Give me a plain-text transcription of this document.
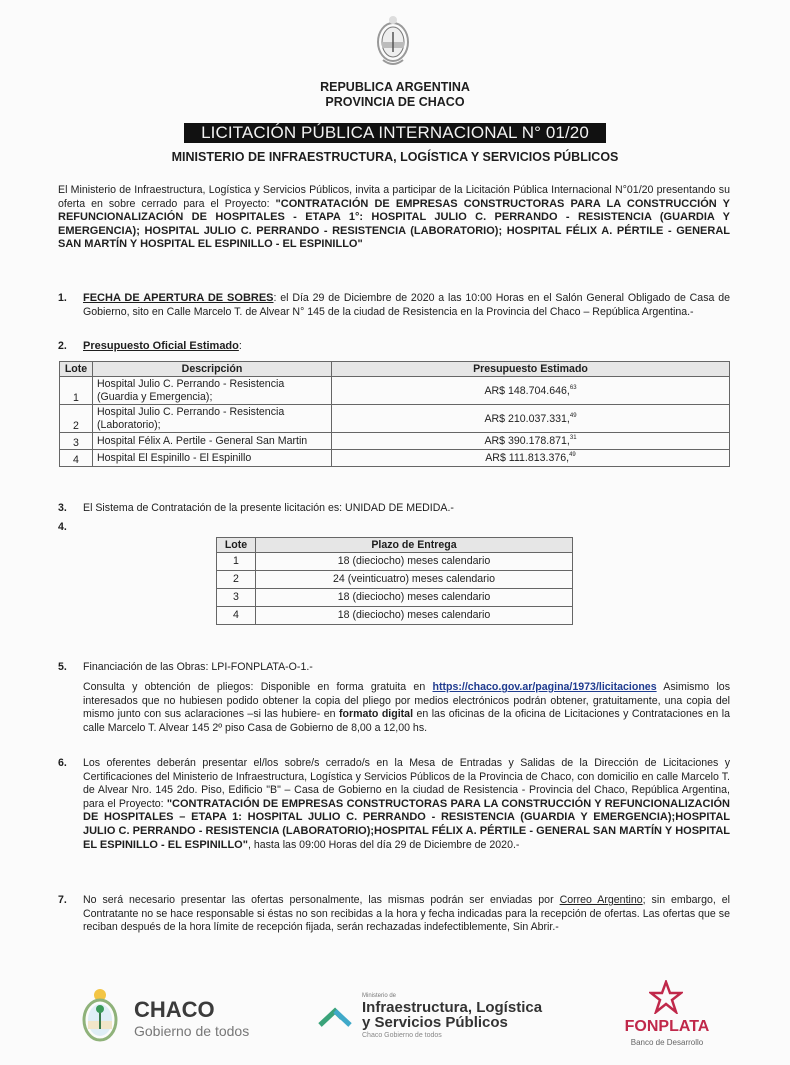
REPUBLICA ARGENTINA
PROVINCIA DE CHACO
LICITACIÓN PÚBLICA INTERNACIONAL N° 01/20
MINISTERIO DE INFRAESTRUCTURA, LOGÍSTICA Y SERVICIOS PÚBLICOS
El Ministerio de Infraestructura, Logística y Servicios Públicos, invita a participar de la Licitación Pública Internacional N°01/20 presentando su oferta en sobre cerrado para el Proyecto: "CONTRATACIÓN DE EMPRESAS CONSTRUCTORAS PARA LA CONSTRUCCIÓN Y REFUNCIONALIZACIÓN DE HOSPITALES - ETAPA 1°: HOSPITAL JULIO C. PERRANDO - RESISTENCIA (GUARDIA Y EMERGENCIA); HOSPITAL JULIO C. PERRANDO - RESISTENCIA (LABORATORIO); HOSPITAL FÉLIX A. PÉRTILE - GENERAL SAN MARTÍN Y HOSPITAL EL ESPINILLO - EL ESPINILLO"
1. FECHA DE APERTURA DE SOBRES: el Día 29 de Diciembre de 2020 a las 10:00 Horas en el Salón General Obligado de Casa de Gobierno, sito en Calle Marcelo T. de Alvear N° 145 de la ciudad de Resistencia en la Provincia del Chaco – República Argentina.-
2. Presupuesto Oficial Estimado:
Lote	Descripción	Presupuesto Estimado
1	Hospital Julio C. Perrando - Resistencia (Guardia y Emergencia);	AR$ 148.704.646,63
2	Hospital Julio C. Perrando - Resistencia (Laboratorio);	AR$ 210.037.331,49
3	Hospital Félix A. Pertile - General San Martin	AR$ 390.178.871,31
4	Hospital El Espinillo - El Espinillo	AR$ 111.813.376,49
3. El Sistema de Contratación de la presente licitación es: UNIDAD DE MEDIDA.-
4.
Lote	Plazo de Entrega
1	18 (dieciocho) meses calendario
2	24 (veinticuatro) meses calendario
3	18 (dieciocho) meses calendario
4	18 (dieciocho) meses calendario
5. Financiación de las Obras: LPI-FONPLATA-O-1.-
Consulta y obtención de pliegos: Disponible en forma gratuita en https://chaco.gov.ar/pagina/1973/licitaciones Asimismo los interesados que no hubiesen podido obtener la copia del pliego por medios electrónicos podrán obtener, gratuitamente, una copia del mismo junto con sus aclaraciones –si las hubiere- en formato digital en las oficinas de la oficina de Licitaciones y Contrataciones en la calle Marcelo T. Alvear 145 2º piso Casa de Gobierno de 8,00 a 12,00 hs.
6. Los oferentes deberán presentar el/los sobre/s cerrado/s en la Mesa de Entradas y Salidas de la Dirección de Licitaciones y Certificaciones del Ministerio de Infraestructura, Logística y Servicios Públicos de la Provincia de Chaco, con domicilio en calle Marcelo T. de Alvear Nro. 145 2do. Piso, Edificio "B" – Casa de Gobierno en la ciudad de Resistencia - Provincia del Chaco, República Argentina, para el Proyecto: "CONTRATACIÓN DE EMPRESAS CONSTRUCTORAS PARA LA CONSTRUCCIÓN Y REFUNCIONALIZACIÓN DE HOSPITALES – ETAPA 1: HOSPITAL JULIO C. PERRANDO - RESISTENCIA (GUARDIA Y EMERGENCIA);HOSPITAL JULIO C. PERRANDO - RESISTENCIA (LABORATORIO);HOSPITAL FÉLIX A. PÉRTILE - GENERAL SAN MARTÍN Y HOSPITAL EL ESPINILLO - EL ESPINILLO", hasta las 09:00 Horas del día 29 de Diciembre de 2020.-
7. No será necesario presentar las ofertas personalmente, las mismas podrán ser enviadas por Correo Argentino; sin embargo, el Contratante no se hace responsable si éstas no son recibidas a la hora y fecha indicadas para la recepción de ofertas. Las ofertas que se reciban después de la hora límite de recepción fijada, serán rechazadas indefectiblemente, Sin Abrir.-
CHACO
Gobierno de todos
Ministerio de
Infraestructura, Logística
y Servicios Públicos
Chaco Gobierno de todos
FONPLATA
Banco de Desarrollo
